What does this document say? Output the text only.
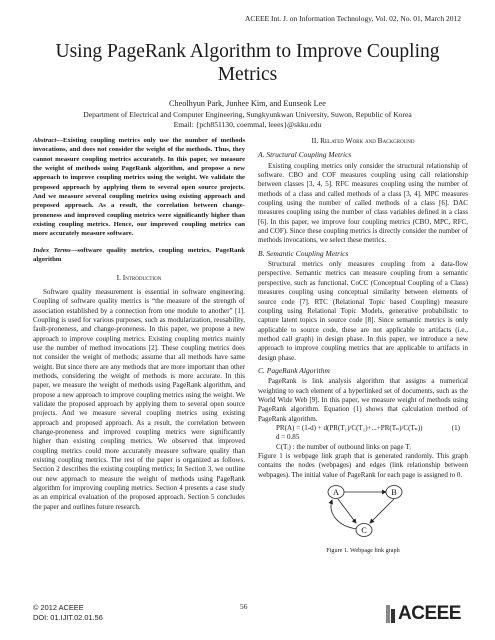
ACEEE Int. J. on Information Technology, Vol. 02, No. 01, March 2012
Using PageRank Algorithm to Improve Coupling
Metrics
Cheolhyun Park, Junhee Kim, and Eunseok Lee
Department of Electrical and Computer Engineering, Sungkyunkwan University, Suwon, Republic of Korea
Email: {pch851130, coemmal, leees}@skku.edu

Abstract—Existing coupling metrics only use the number of methods invocations, and does not consider the weight of the methods. Thus, they cannot measure coupling metrics accurately. In this paper, we measure the weight of methods using PageRank algorithm, and propose a new approach to improve coupling metrics using the weight. We validate the proposed approach by applying them to several open source projects. And we measure several coupling metrics using existing approach and proposed approach. As a result, the correlation between change-proneness and improved coupling metrics were significantly higher than existing coupling metrics. Hence, our improved coupling metrics can more accurately measure software.

Index Terms—software quality metrics, coupling metrics, PageRank algorithm

I. Introduction

Software quality measurement is essential in software engineering. Coupling of software quality metrics is “the measure of the strength of association established by a connection from one module to another” [1]. Coupling is used for various purposes, such as modularization, reusability, fault-proneness, and change-proneness. In this paper, we propose a new approach to improve coupling metrics. Existing coupling metrics mainly use the number of method invocations [2]. These coupling metrics does not consider the weight of methods; assume that all methods have same weight. But since there are any methods that are more important than other methods, considering the weight of methods is more accurate. In this paper, we measure the weight of methods using PageRank algorithm, and propose a new approach to improve coupling metrics using the weight. We validate the proposed approach by applying them to several open source projects. And we measure several coupling metrics using existing approach and proposed approach. As a result, the correlation between change-proneness and improved coupling metrics were significantly higher than existing coupling metrics. We observed that improved coupling metrics could more accurately measure software quality than existing coupling metrics. The rest of the paper is organized as follows. Section 2 describes the existing coupling metrics; In Section 3, we outline our new approach to measure the weight of methods using PageRank algorithm for improving coupling metrics. Section 4 presents a case study as an empirical evaluation of the proposed approach. Section 5 concludes the paper and outlines future research.

II. Related Work and Background

A. Structural Coupling Metrics

Existing coupling metrics only consider the structural relationship of software. CBO and COF measures coupling using call relationship between classes [3, 4, 5]. RFC measures coupling using the number of methods of a class and called methods of a class [3, 4]. MPC measures coupling using the number of called methods of a class [6]. DAC measures coupling using the number of class variables defined in a class [6]. In this paper, we improve four coupling metrics (CBO, MPC, RFC, and COF). Since these coupling metrics is directly consider the number of methods invocations, we select these metrics.

B. Semantic Coupling Metrics

Structural metrics only measures coupling from a data-flow perspective. Semantic metrics can measure coupling from a semantic perspective, such as functional. CoCC (Conceptual Coupling of a Class) measures coupling using conceptual similarity between elements of source code [7]. RTC (Relational Topic based Coupling) measure coupling using Relational Topic Models, generative probabilistic to capture latent topics in source code [8]. Since semantic metrics is only applicable to source code, these are not applicable to artifacts (i.e., method call graph) in design phase. In this paper, we introduce a new approach to improve coupling metrics that are applicable to artifacts in design phase.

C. PageRank Algorithm

PageRank is link analysis algorithm that assigns a numerical weighting to each element of a hyperlinked set of documents, such as the World Wide Web [9]. In this paper, we measure weight of methods using PageRank algorithm. Equation (1) shows that calculation method of PageRank algorithm.

PR(A) = (1-d) + d(PR(T₁)/C(T₁)+...+PR(Tₙ)/C(Tₙ))	(1)

d = 0.85

C(Tᵢ) : the number of outbound links on page Tᵢ

Figure 1 is webpage link graph that is generated randomly. This graph contains the nodes (webpages) and edges (link relationship between webpages). The initial value of PageRank for each page is assigned to 0.

A	B
C

Figure 1. Webpage link graph

© 2012 ACEEE
DOI: 01.IJIT.02.01.56
56	ACEEE
